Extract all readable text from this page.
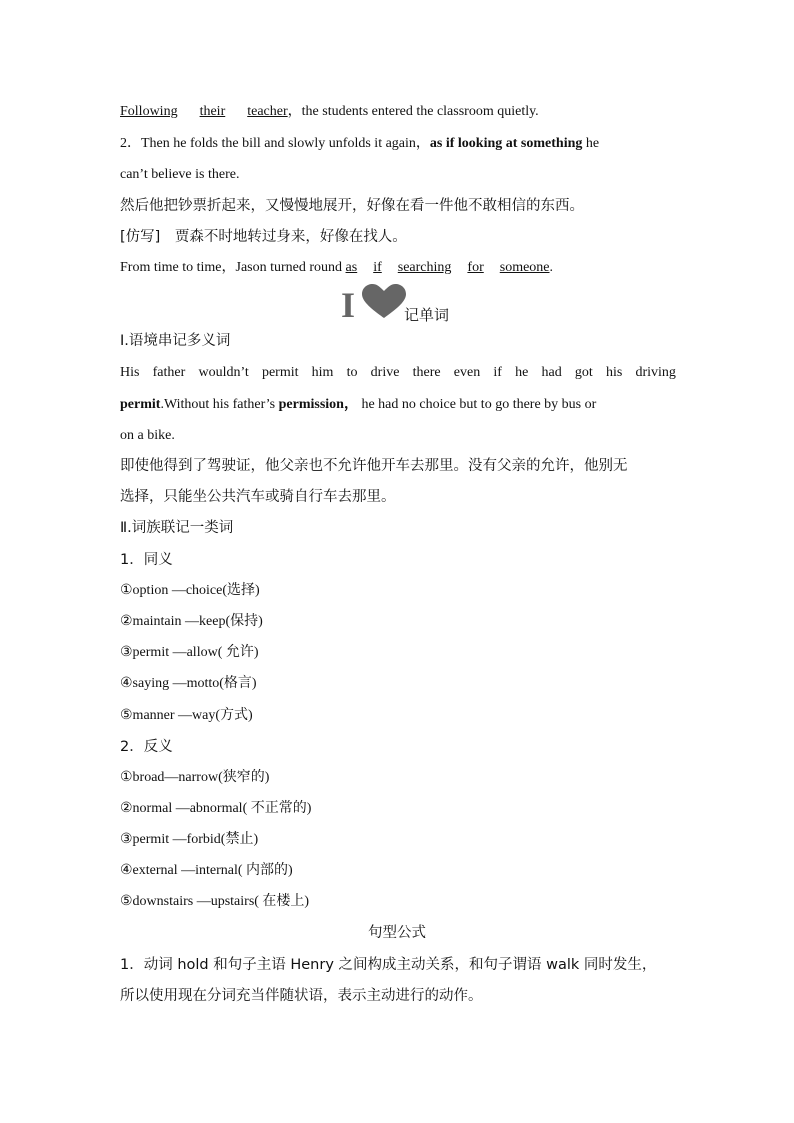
Following their teacher，the students entered the classroom quietly.
2．Then he folds the bill and slowly unfolds it again，as if looking at something he
can’t believe is there.
然后他把钞票折起来，又慢慢地展开，好像在看一件他不敢相信的东西。
[仿写]　贾森不时地转过身来，好像在找人。
From time to time，Jason turned round as if searching for someone.
I	记单词
Ⅰ.语境串记多义词
His father wouldn’t permit him to drive there even if he had got his driving
permit.Without his father’s permission， he had no choice but to go there by bus or
on a bike.
即使他得到了驾驶证，他父亲也不允许他开车去那里。没有父亲的允许，他别无
选择，只能坐公共汽车或骑自行车去那里。
Ⅱ.词族联记一类词
1．同义
①option —choice(选择)
②maintain —keep(保持)
③permit —allow( 允许)
④saying —motto(格言)
⑤manner —way(方式)
2．反义
①broad—narrow(狭窄的)
②normal —abnormal( 不正常的)
③permit —forbid(禁止)
④external —internal( 内部的)
⑤downstairs —upstairs( 在楼上)
句型公式
1．动词 hold 和句子主语 Henry 之间构成主动关系，和句子谓语 walk 同时发生，
所以使用现在分词充当伴随状语，表示主动进行的动作。
